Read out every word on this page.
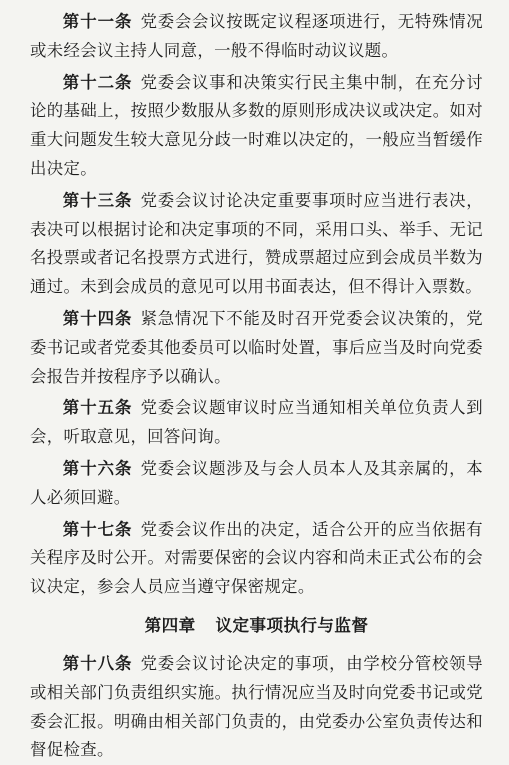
第十一条 党委会会议按既定议程逐项进行，无特殊情况或未经会议主持人同意，一般不得临时动议议题。

第十二条 党委会议事和决策实行民主集中制，在充分讨论的基础上，按照少数服从多数的原则形成决议或决定。如对重大问题发生较大意见分歧一时难以决定的，一般应当暂缓作出决定。

第十三条 党委会议讨论决定重要事项时应当进行表决，表决可以根据讨论和决定事项的不同，采用口头、举手、无记名投票或者记名投票方式进行，赞成票超过应到会成员半数为通过。未到会成员的意见可以用书面表达，但不得计入票数。

第十四条 紧急情况下不能及时召开党委会议决策的，党委书记或者党委其他委员可以临时处置，事后应当及时向党委会报告并按程序予以确认。

第十五条 党委会议题审议时应当通知相关单位负责人到会，听取意见，回答问询。

第十六条 党委会议题涉及与会人员本人及其亲属的，本人必须回避。

第十七条 党委会议作出的决定，适合公开的应当依据有关程序及时公开。对需要保密的会议内容和尚未正式公布的会议决定，参会人员应当遵守保密规定。

第四章 议定事项执行与监督

第十八条 党委会议讨论决定的事项，由学校分管校领导或相关部门负责组织实施。执行情况应当及时向党委书记或党委会汇报。明确由相关部门负责的，由党委办公室负责传达和督促检查。
